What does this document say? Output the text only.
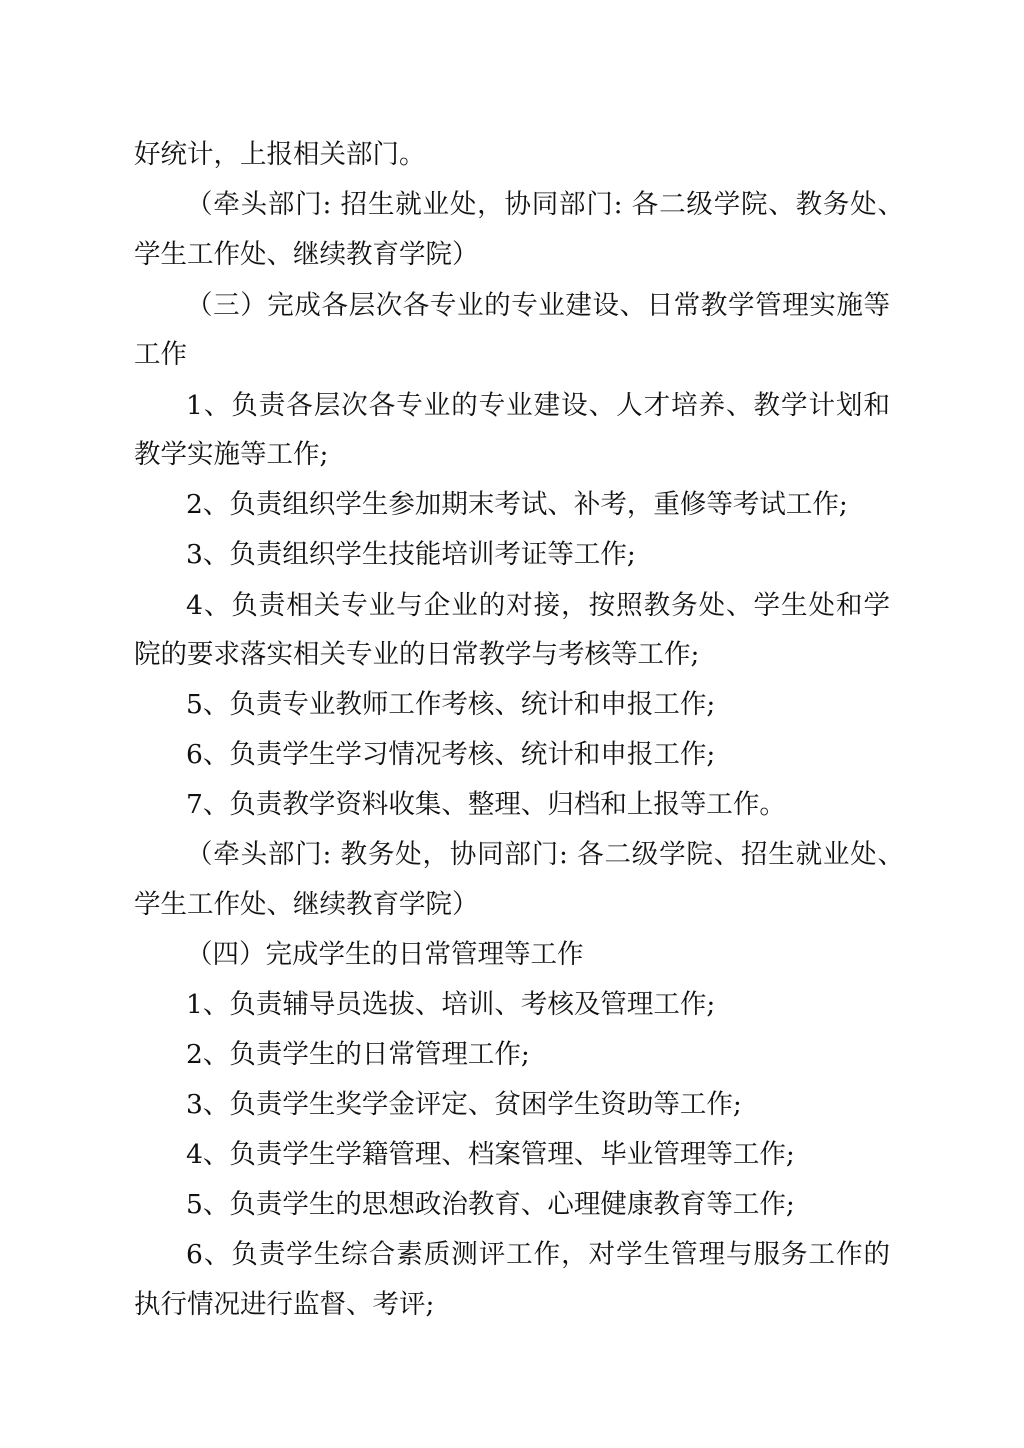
好统计，上报相关部门。

（牵头部门: 招生就业处，协同部门: 各二级学院、教务处、

学生工作处、继续教育学院）

（三）完成各层次各专业的专业建设、日常教学管理实施等

工作

1、负责各层次各专业的专业建设、人才培养、教学计划和

教学实施等工作;

2、负责组织学生参加期末考试、补考，重修等考试工作;

3、负责组织学生技能培训考证等工作;

4、负责相关专业与企业的对接，按照教务处、学生处和学

院的要求落实相关专业的日常教学与考核等工作;

5、负责专业教师工作考核、统计和申报工作;

6、负责学生学习情况考核、统计和申报工作;

7、负责教学资料收集、整理、归档和上报等工作。

（牵头部门: 教务处，协同部门: 各二级学院、招生就业处、

学生工作处、继续教育学院）

（四）完成学生的日常管理等工作

1、负责辅导员选拔、培训、考核及管理工作;

2、负责学生的日常管理工作;

3、负责学生奖学金评定、贫困学生资助等工作;

4、负责学生学籍管理、档案管理、毕业管理等工作;

5、负责学生的思想政治教育、心理健康教育等工作;

6、负责学生综合素质测评工作，对学生管理与服务工作的

执行情况进行监督、考评;
